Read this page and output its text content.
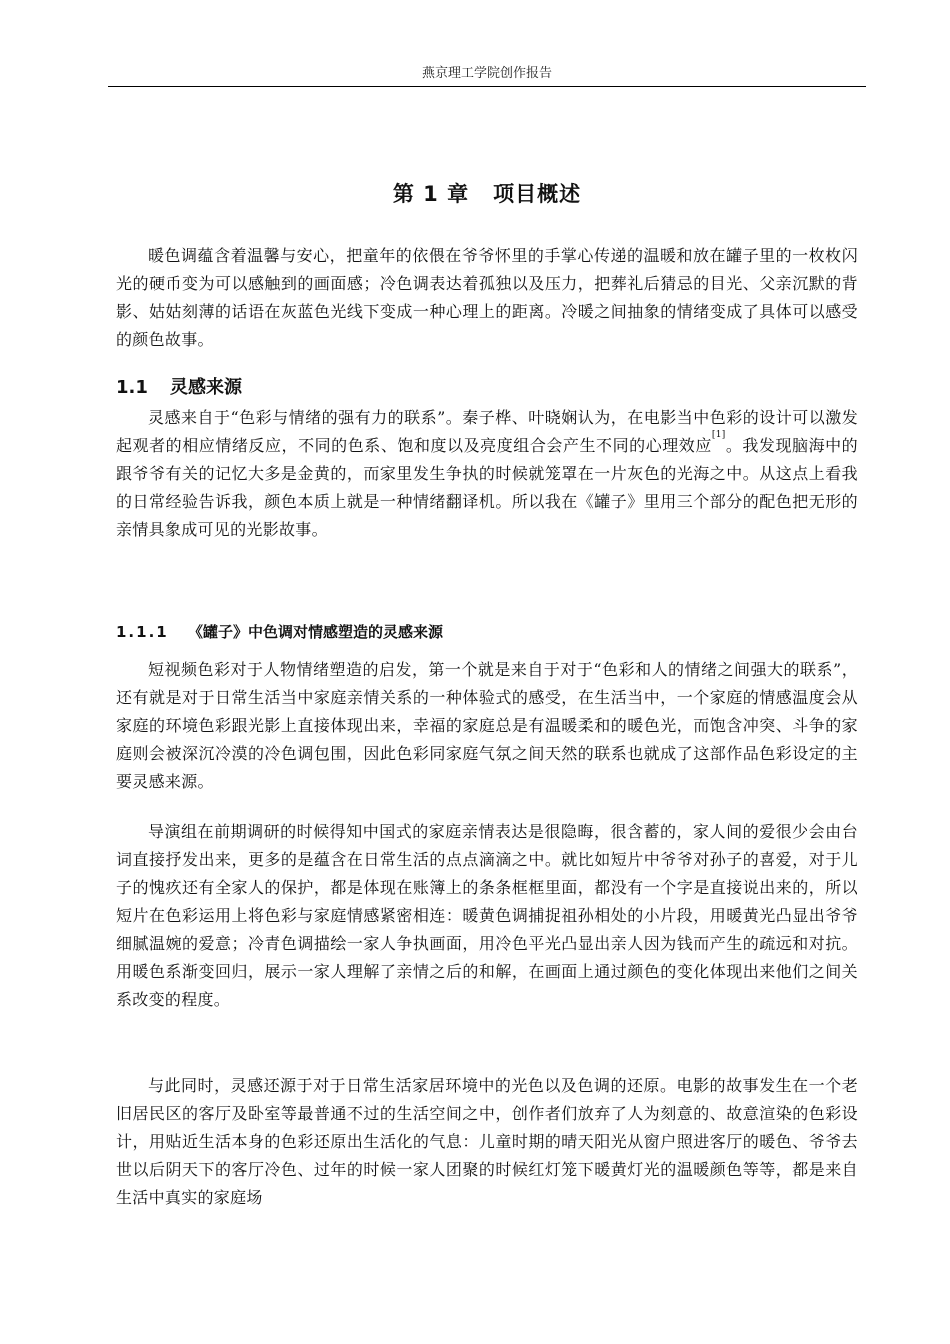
燕京理工学院创作报告
第 1 章 项目概述

暖色调蕴含着温馨与安心，把童年的依偎在爷爷怀里的手掌心传递的温暖和放在罐子里的一枚枚闪光的硬币变为可以感触到的画面感；冷色调表达着孤独以及压力，把葬礼后猜忌的目光、父亲沉默的背影、姑姑刻薄的话语在灰蓝色光线下变成一种心理上的距离。冷暖之间抽象的情绪变成了具体可以感受的颜色故事。

1.1 灵感来源

灵感来自于“色彩与情绪的强有力的联系”。秦子桦、叶晓娴认为，在电影当中色彩的设计可以激发起观者的相应情绪反应，不同的色系、饱和度以及亮度组合会产生不同的心理效应[1]。我发现脑海中的跟爷爷有关的记忆大多是金黄的，而家里发生争执的时候就笼罩在一片灰色的光海之中。从这点上看我的日常经验告诉我，颜色本质上就是一种情绪翻译机。所以我在《罐子》里用三个部分的配色把无形的亲情具象成可见的光影故事。

1.1.1 《罐子》中色调对情感塑造的灵感来源

短视频色彩对于人物情绪塑造的启发，第一个就是来自于对于“色彩和人的情绪之间强大的联系”，还有就是对于日常生活当中家庭亲情关系的一种体验式的感受，在生活当中，一个家庭的情感温度会从家庭的环境色彩跟光影上直接体现出来，幸福的家庭总是有温暖柔和的暖色光，而饱含冲突、斗争的家庭则会被深沉冷漠的冷色调包围，因此色彩同家庭气氛之间天然的联系也就成了这部作品色彩设定的主要灵感来源。

导演组在前期调研的时候得知中国式的家庭亲情表达是很隐晦，很含蓄的，家人间的爱很少会由台词直接抒发出来，更多的是蕴含在日常生活的点点滴滴之中。就比如短片中爷爷对孙子的喜爱，对于儿子的愧疚还有全家人的保护，都是体现在账簿上的条条框框里面，都没有一个字是直接说出来的，所以短片在色彩运用上将色彩与家庭情感紧密相连：暖黄色调捕捉祖孙相处的小片段，用暖黄光凸显出爷爷细腻温婉的爱意；冷青色调描绘一家人争执画面，用冷色平光凸显出亲人因为钱而产生的疏远和对抗。用暖色系渐变回归，展示一家人理解了亲情之后的和解，在画面上通过颜色的变化体现出来他们之间关系改变的程度。

与此同时，灵感还源于对于日常生活家居环境中的光色以及色调的还原。电影的故事发生在一个老旧居民区的客厅及卧室等最普通不过的生活空间之中，创作者们放弃了人为刻意的、故意渲染的色彩设计，用贴近生活本身的色彩还原出生活化的气息：儿童时期的晴天阳光从窗户照进客厅的暖色、爷爷去世以后阴天下的客厅冷色、过年的时候一家人团聚的时候红灯笼下暖黄灯光的温暖颜色等等，都是来自生活中真实的家庭场
